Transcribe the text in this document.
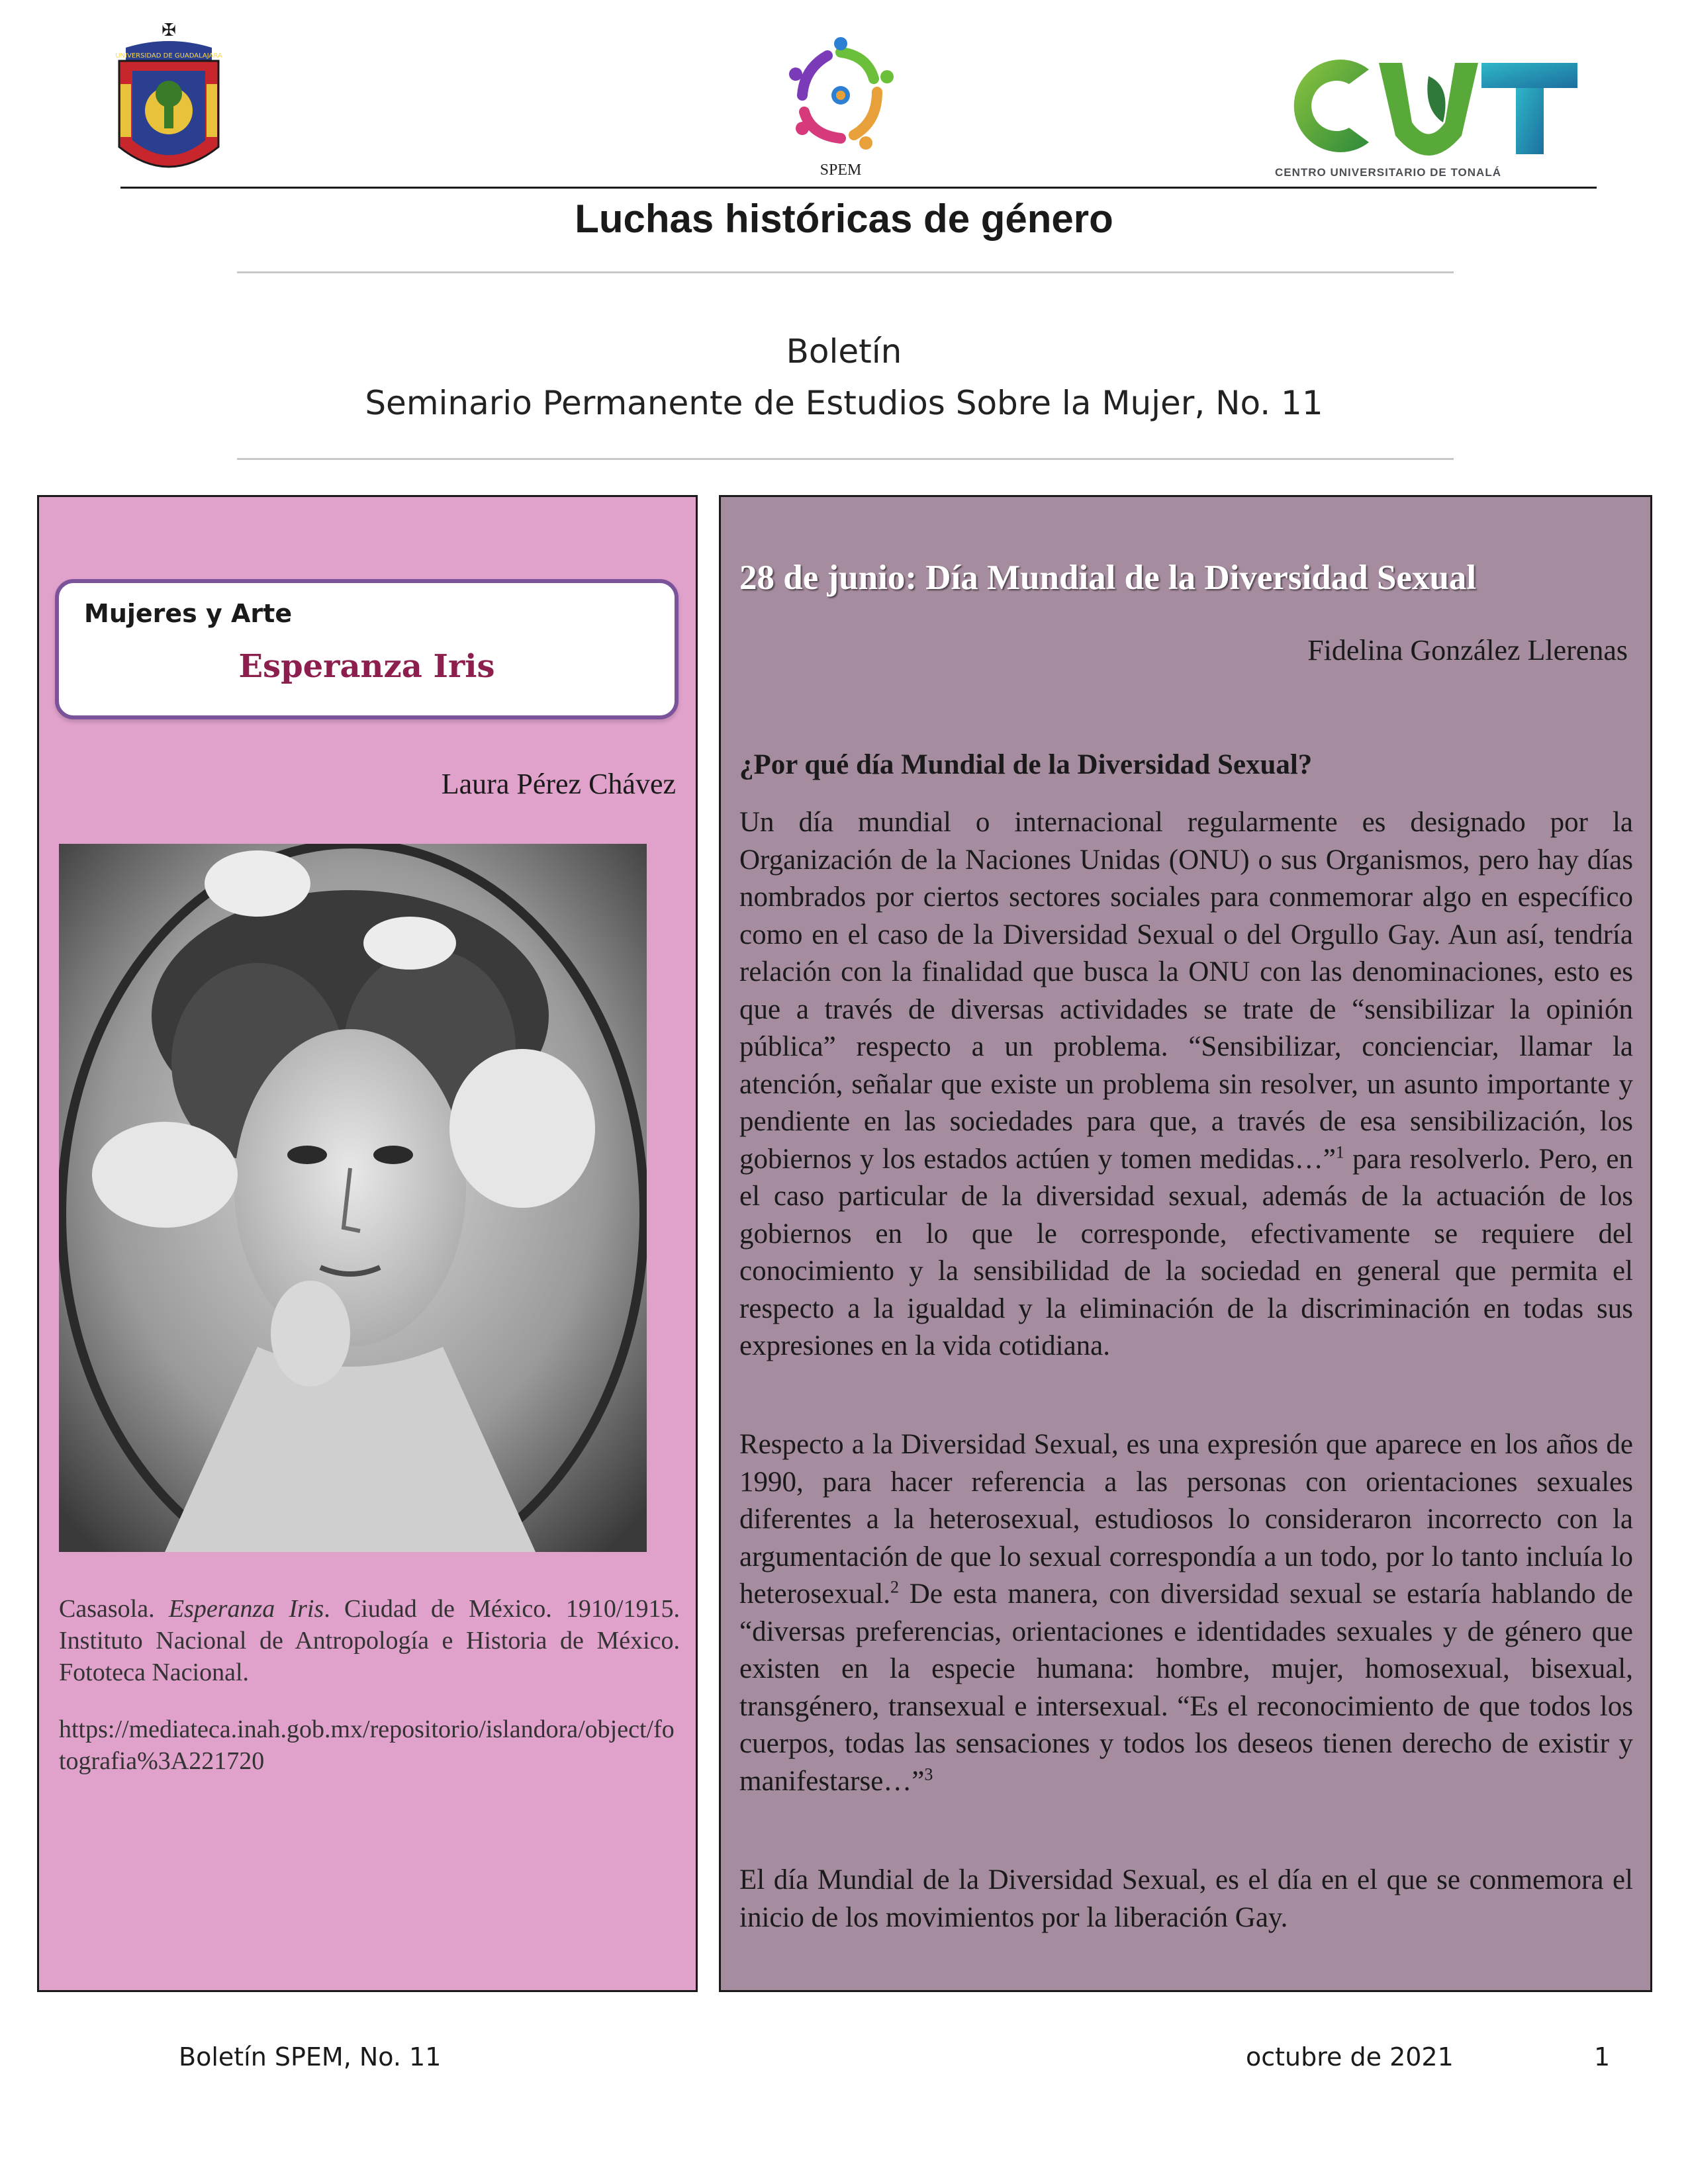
✠
UNIVERSIDAD DE GUADALAJARA
SPEM	CENTRO UNIVERSITARIO DE TONALÁ
Luchas históricas de género
Boletín
Seminario Permanente de Estudios Sobre la Mujer, No. 11
Mujeres y Arte
Esperanza Iris
Laura Pérez Chávez
Casasola. Esperanza Iris. Ciudad de México. 1910/1915. Instituto Nacional de Antropología e Historia de México. Fototeca Nacional.
https://mediateca.inah.gob.mx/repositorio/islandora/object/fotografia%3A221720
28 de junio: Día Mundial de la Diversidad Sexual
Fidelina González Llerenas
¿Por qué día Mundial de la Diversidad Sexual?
Un día mundial o internacional regularmente es designado por la Organización de la Naciones Unidas (ONU) o sus Organismos, pero hay días nombrados por ciertos sectores sociales para conmemorar algo en específico como en el caso de la Diversidad Sexual o del Orgullo Gay. Aun así, tendría relación con la finalidad que busca la ONU con las denominaciones, esto es que a través de diversas actividades se trate de “sensibilizar la opinión pública” respecto a un problema. “Sensibilizar, concienciar, llamar la atención, señalar que existe un problema sin resolver, un asunto importante y pendiente en las sociedades para que, a través de esa sensibilización, los gobiernos y los estados actúen y tomen medidas…”$^1$ para resolverlo. Pero, en el caso particular de la diversidad sexual, además de la actuación de los gobiernos en lo que le corresponde, efectivamente se requiere del conocimiento y la sensibilidad de la sociedad en general que permita el respecto a la igualdad y la eliminación de la discriminación en todas sus expresiones en la vida cotidiana.
Respecto a la Diversidad Sexual, es una expresión que aparece en los años de 1990, para hacer referencia a las personas con orientaciones sexuales diferentes a la heterosexual, estudiosos lo consideraron incorrecto con la argumentación de que lo sexual correspondía a un todo, por lo tanto incluía lo heterosexual.$^2$ De esta manera, con diversidad sexual se estaría hablando de “diversas preferencias, orientaciones e identidades sexuales y de género que existen en la especie humana: hombre, mujer, homosexual, bisexual, transgénero, transexual e intersexual. “Es el reconocimiento de que todos los cuerpos, todas las sensaciones y todos los deseos tienen derecho de existir y manifestarse…”$^3$
El día Mundial de la Diversidad Sexual, es el día en el que se conmemora el inicio de los movimientos por la liberación Gay.
Boletín SPEM, No. 11	octubre de 2021	1
